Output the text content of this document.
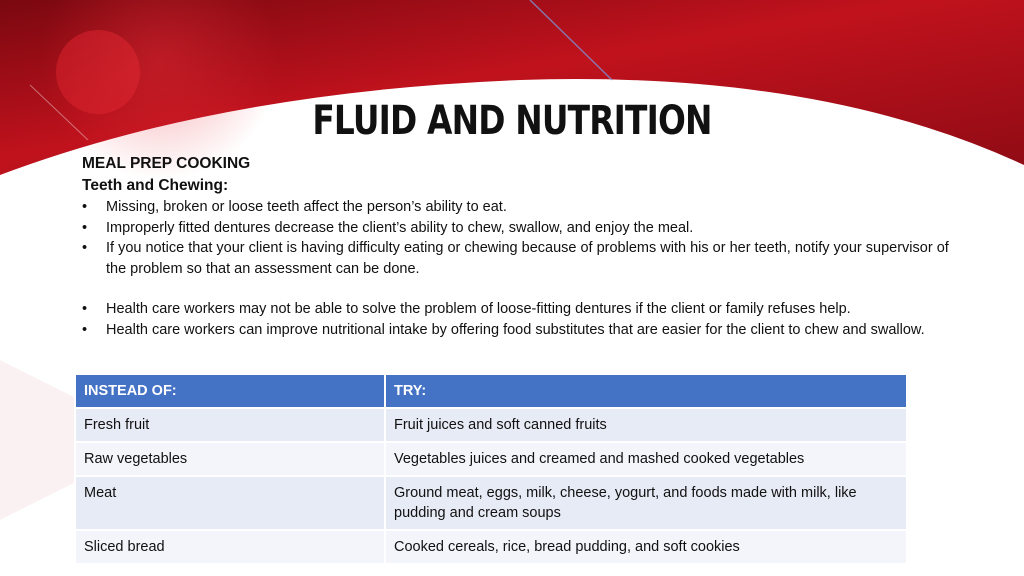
FLUID AND NUTRITION
MEAL PREP COOKING
Teeth and Chewing:
• Missing, broken or loose teeth affect the person’s ability to eat.
• Improperly fitted dentures decrease the client’s ability to chew, swallow, and enjoy the meal.
• If you notice that your client is having difficulty eating or chewing because of problems with his or her teeth, notify your supervisor of the problem so that an assessment can be done.
• Health care workers may not be able to solve the problem of loose-fitting dentures if the client or family refuses help.
• Health care workers can improve nutritional intake by offering food substitutes that are easier for the client to chew and swallow.
INSTEAD OF:	TRY:
Fresh fruit	Fruit juices and soft canned fruits
Raw vegetables	Vegetables juices and creamed and mashed cooked vegetables
Meat	Ground meat, eggs, milk, cheese, yogurt, and foods made with milk, like pudding and cream soups
Sliced bread	Cooked cereals, rice, bread pudding, and soft cookies
